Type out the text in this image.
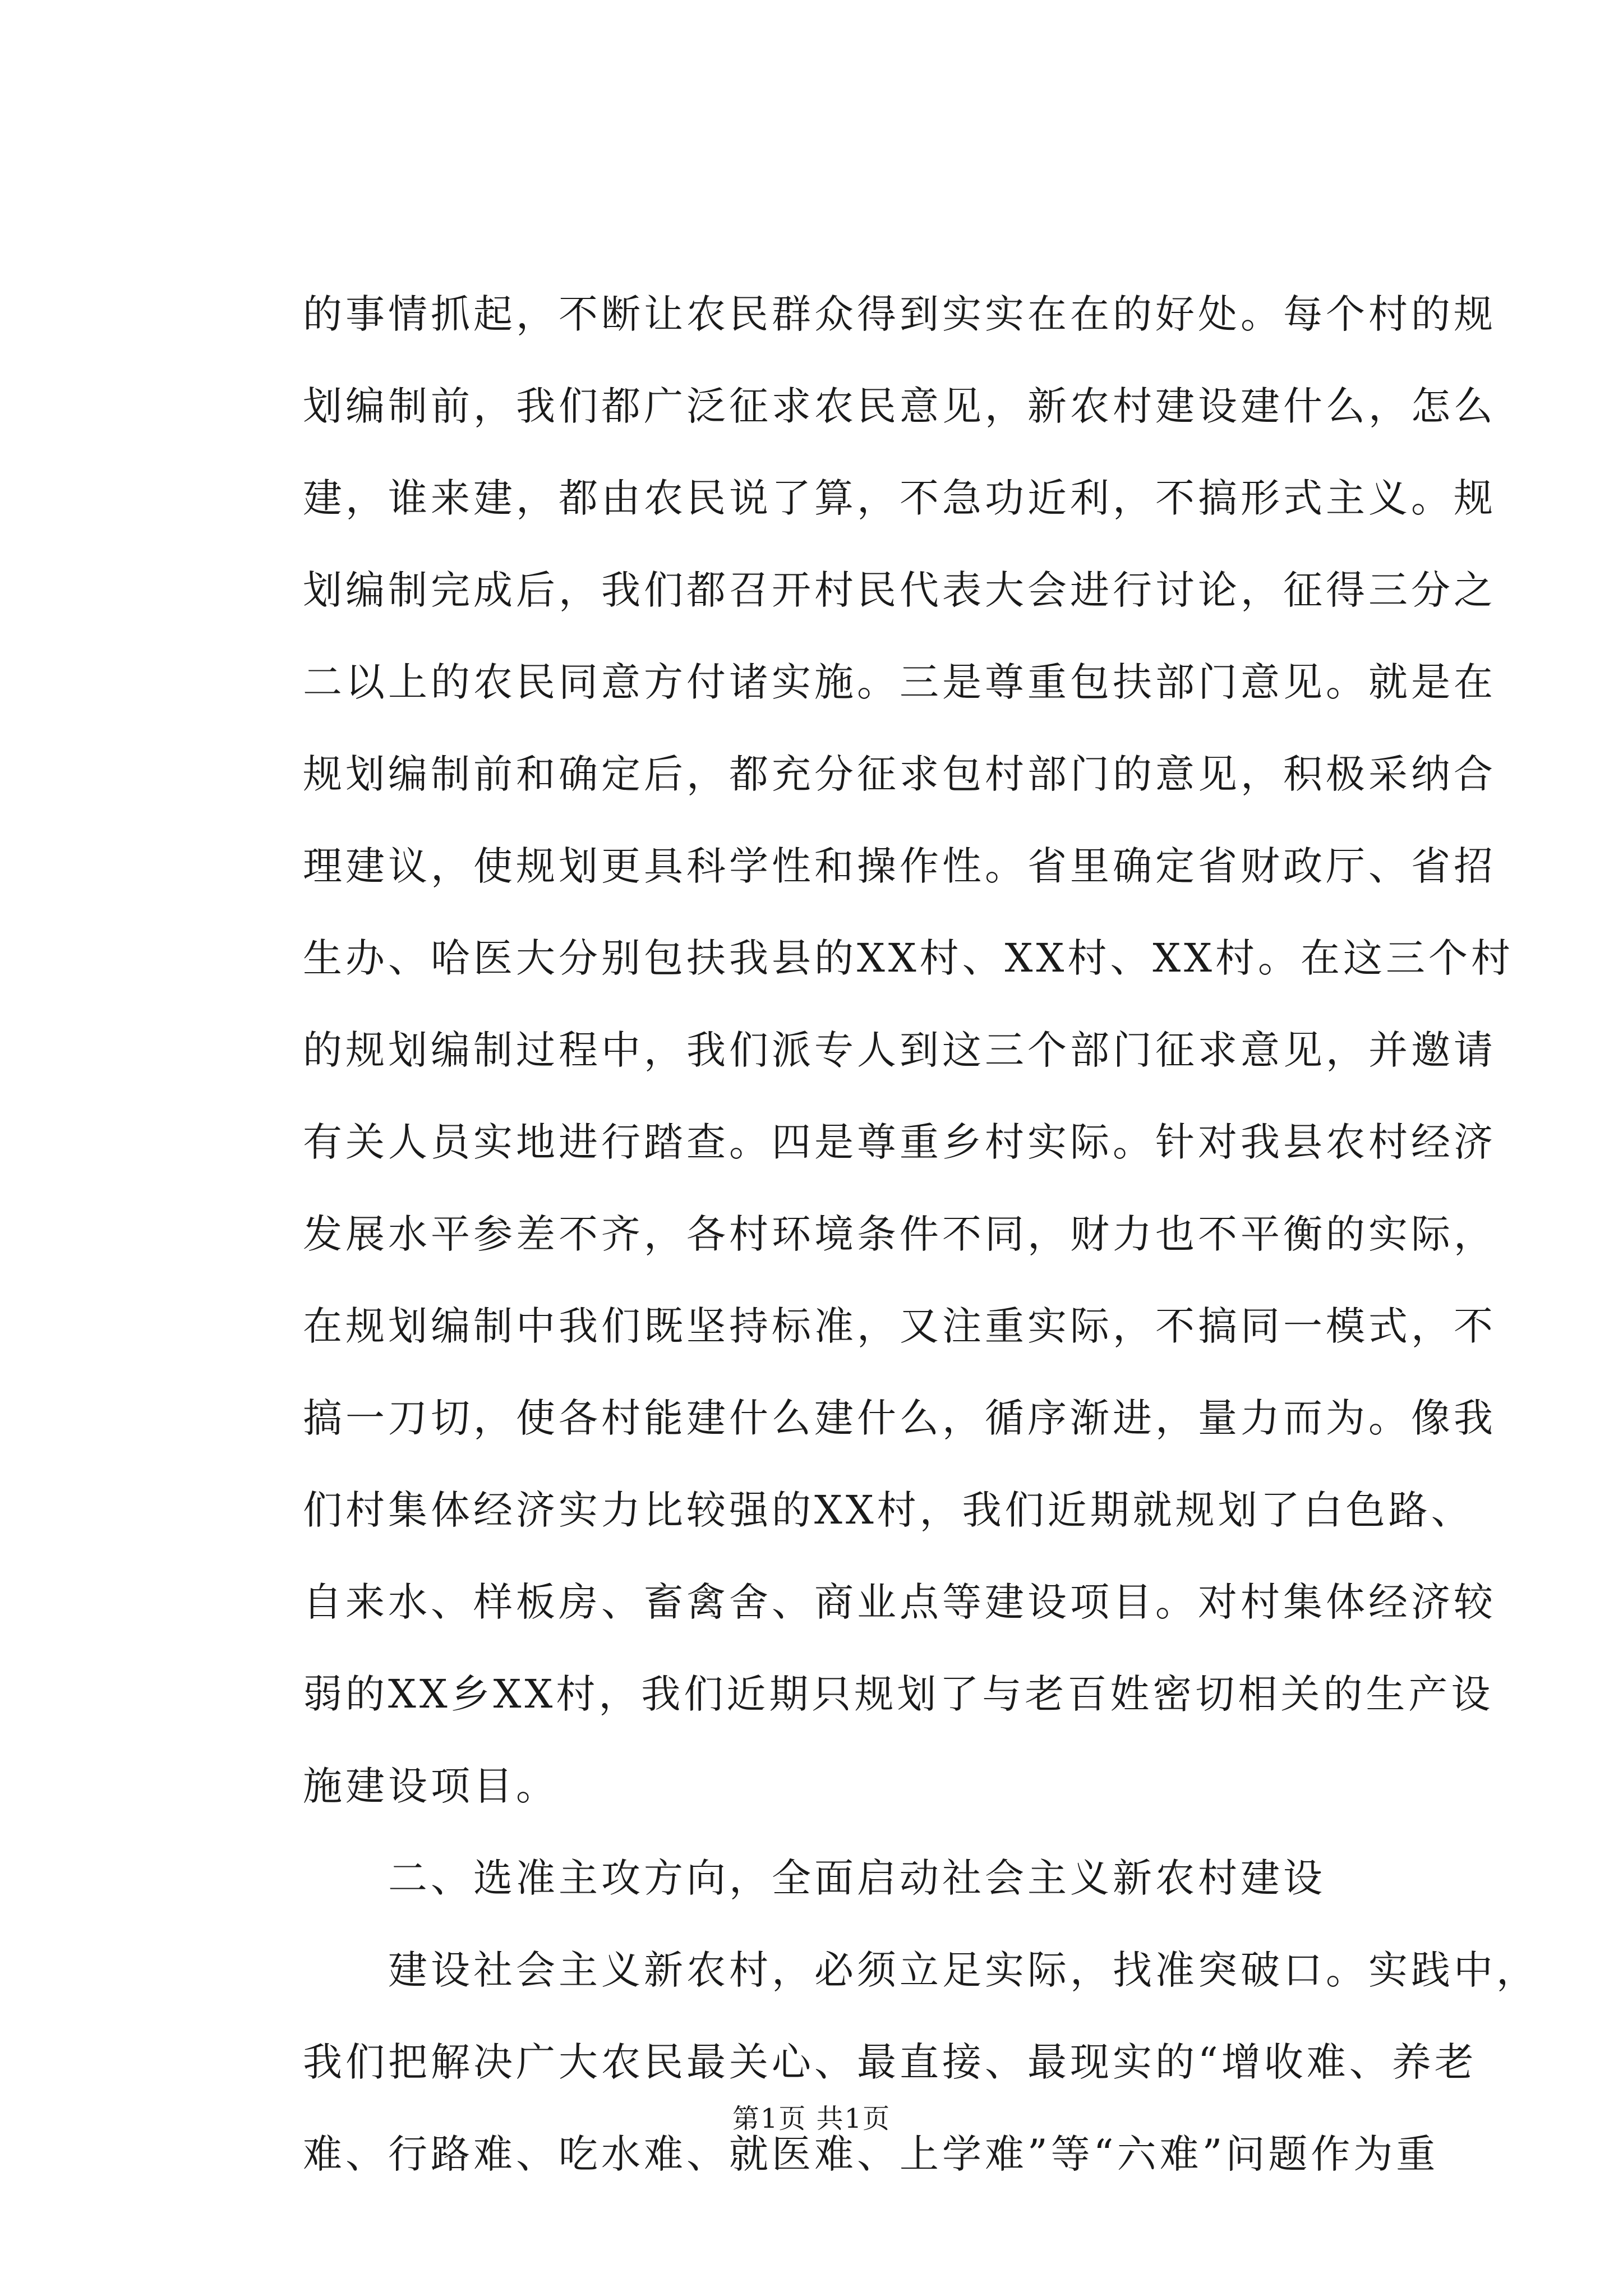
的事情抓起，不断让农民群众得到实实在在的好处。每个村的规
划编制前，我们都广泛征求农民意见，新农村建设建什么，怎么
建，谁来建，都由农民说了算，不急功近利，不搞形式主义。规
划编制完成后，我们都召开村民代表大会进行讨论，征得三分之
二以上的农民同意方付诸实施。三是尊重包扶部门意见。就是在
规划编制前和确定后，都充分征求包村部门的意见，积极采纳合
理建议，使规划更具科学性和操作性。省里确定省财政厅、省招
生办、哈医大分别包扶我县的XX村、XX村、XX村。在这三个村
的规划编制过程中，我们派专人到这三个部门征求意见，并邀请
有关人员实地进行踏查。四是尊重乡村实际。针对我县农村经济
发展水平参差不齐，各村环境条件不同，财力也不平衡的实际，
在规划编制中我们既坚持标准，又注重实际，不搞同一模式，不
搞一刀切，使各村能建什么建什么，循序渐进，量力而为。像我
们村集体经济实力比较强的XX村，我们近期就规划了白色路、
自来水、样板房、畜禽舍、商业点等建设项目。对村集体经济较
弱的XX乡XX村，我们近期只规划了与老百姓密切相关的生产设
施建设项目。
二、选准主攻方向，全面启动社会主义新农村建设
建设社会主义新农村，必须立足实际，找准突破口。实践中，
我们把解决广大农民最关心、最直接、最现实的“增收难、养老
难、行路难、吃水难、就医难、上学难”等“六难”问题作为重
第1页 共1页
